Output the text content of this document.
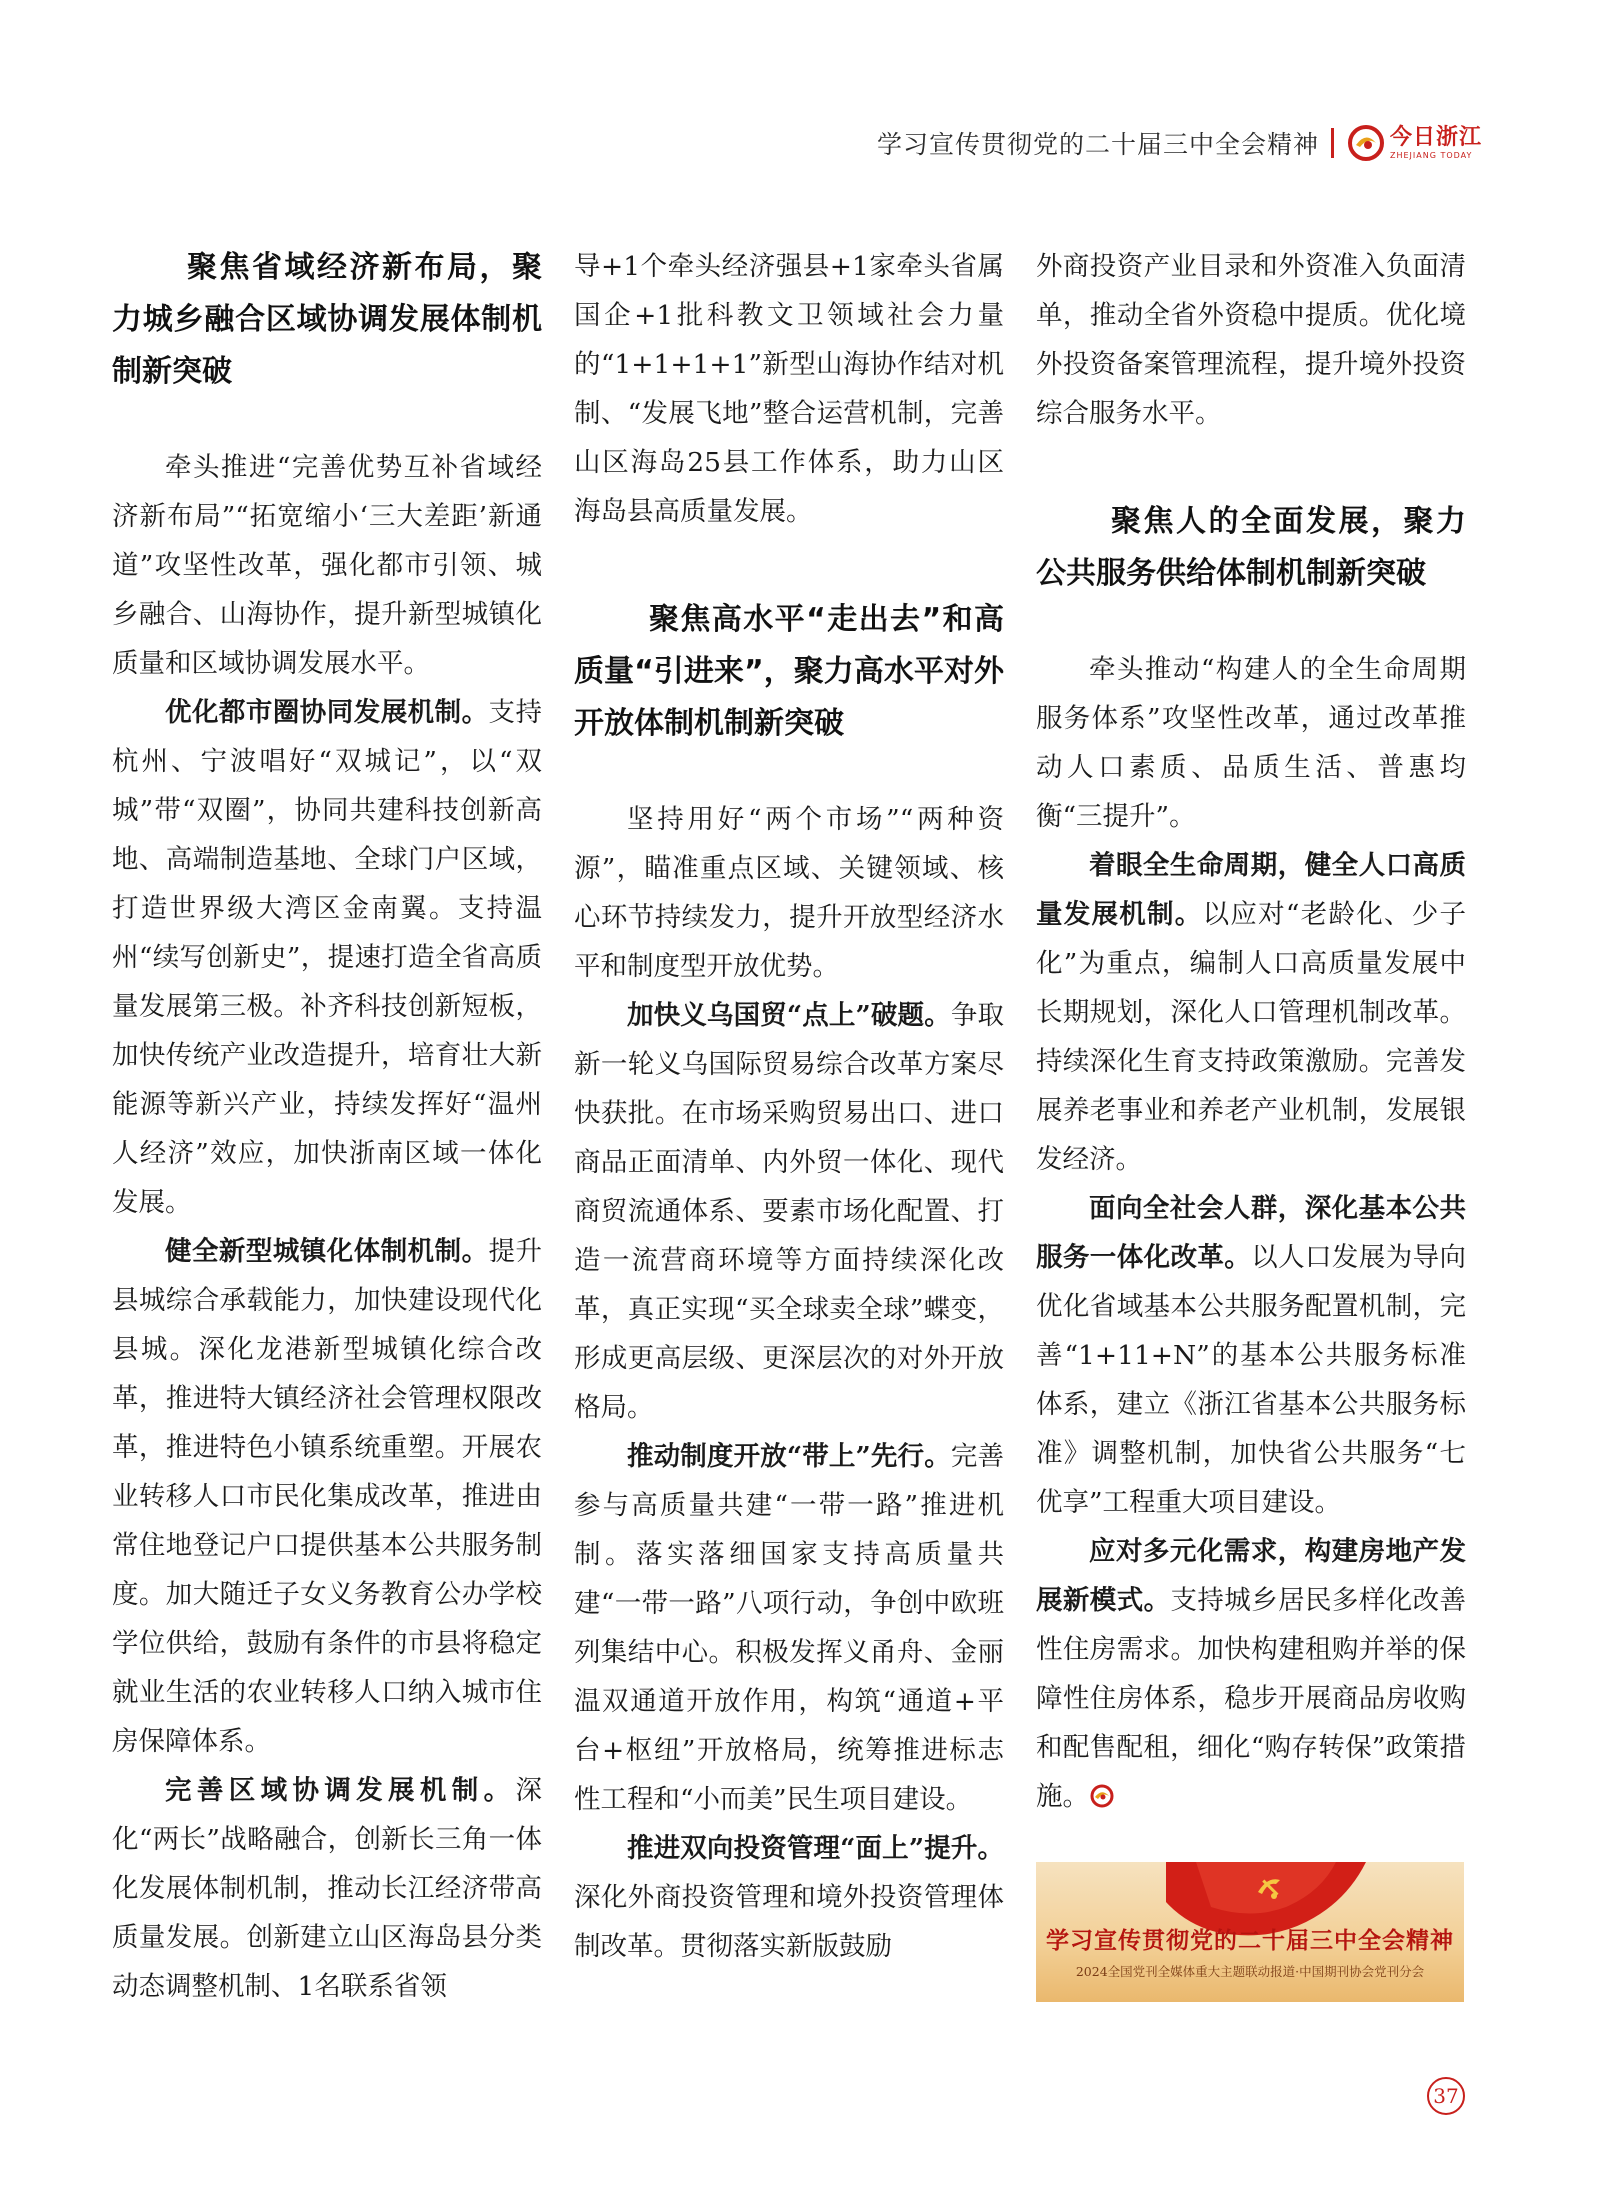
学习宣传贯彻党的二十届三中全会精神	今日浙江
ZHEJIANG TODAY
聚焦省域经济新布局，聚力城乡融合区域协调发展体制机制新突破

牵头推进“完善优势互补省域经济新布局”“拓宽缩小‘三大差距’新通道”攻坚性改革，强化都市引领、城乡融合、山海协作，提升新型城镇化质量和区域协调发展水平。

优化都市圈协同发展机制。支持杭州、宁波唱好“双城记”，以“双城”带“双圈”，协同共建科技创新高地、高端制造基地、全球门户区域，打造世界级大湾区金南翼。支持温州“续写创新史”，提速打造全省高质量发展第三极。补齐科技创新短板，加快传统产业改造提升，培育壮大新能源等新兴产业，持续发挥好“温州人经济”效应，加快浙南区域一体化发展。

健全新型城镇化体制机制。提升县城综合承载能力，加快建设现代化县城。深化龙港新型城镇化综合改革，推进特大镇经济社会管理权限改革，推进特色小镇系统重塑。开展农业转移人口市民化集成改革，推进由常住地登记户口提供基本公共服务制度。加大随迁子女义务教育公办学校学位供给，鼓励有条件的市县将稳定就业生活的农业转移人口纳入城市住房保障体系。

完善区域协调发展机制。深化“两长”战略融合，创新长三角一体化发展体制机制，推动长江经济带高质量发展。创新建立山区海岛县分类动态调整机制、1名联系省领

导+1个牵头经济强县+1家牵头省属国企+1批科教文卫领域社会力量的“1+1+1+1”新型山海协作结对机制、“发展飞地”整合运营机制，完善山区海岛25县工作体系，助力山区海岛县高质量发展。

聚焦高水平“走出去”和高质量“引进来”，聚力高水平对外开放体制机制新突破

坚持用好“两个市场”“两种资源”，瞄准重点区域、关键领域、核心环节持续发力，提升开放型经济水平和制度型开放优势。

加快义乌国贸“点上”破题。争取新一轮义乌国际贸易综合改革方案尽快获批。在市场采购贸易出口、进口商品正面清单、内外贸一体化、现代商贸流通体系、要素市场化配置、打造一流营商环境等方面持续深化改革，真正实现“买全球卖全球”蝶变，形成更高层级、更深层次的对外开放格局。

推动制度开放“带上”先行。完善参与高质量共建“一带一路”推进机制。落实落细国家支持高质量共建“一带一路”八项行动，争创中欧班列集结中心。积极发挥义甬舟、金丽温双通道开放作用，构筑“通道+平台+枢纽”开放格局，统筹推进标志性工程和“小而美”民生项目建设。

推进双向投资管理“面上”提升。深化外商投资管理和境外投资管理体制改革。贯彻落实新版鼓励

外商投资产业目录和外资准入负面清单，推动全省外资稳中提质。优化境外投资备案管理流程，提升境外投资综合服务水平。

聚焦人的全面发展，聚力公共服务供给体制机制新突破

牵头推动“构建人的全生命周期服务体系”攻坚性改革，通过改革推动人口素质、品质生活、普惠均衡“三提升”。

着眼全生命周期，健全人口高质量发展机制。以应对“老龄化、少子化”为重点，编制人口高质量发展中长期规划，深化人口管理机制改革。持续深化生育支持政策激励。完善发展养老事业和养老产业机制，发展银发经济。

面向全社会人群，深化基本公共服务一体化改革。以人口发展为导向优化省域基本公共服务配置机制，完善“1+11+N”的基本公共服务标准体系，建立《浙江省基本公共服务标准》调整机制，加快省公共服务“七优享”工程重大项目建设。

应对多元化需求，构建房地产发展新模式。支持城乡居民多样化改善性住房需求。加快构建租购并举的保障性住房体系，稳步开展商品房收购和配售配租，细化“购存转保”政策措施。

学习宣传贯彻党的二十届三中全会精神
2024全国党刊全媒体重大主题联动报道·中国期刊协会党刊分会
37
